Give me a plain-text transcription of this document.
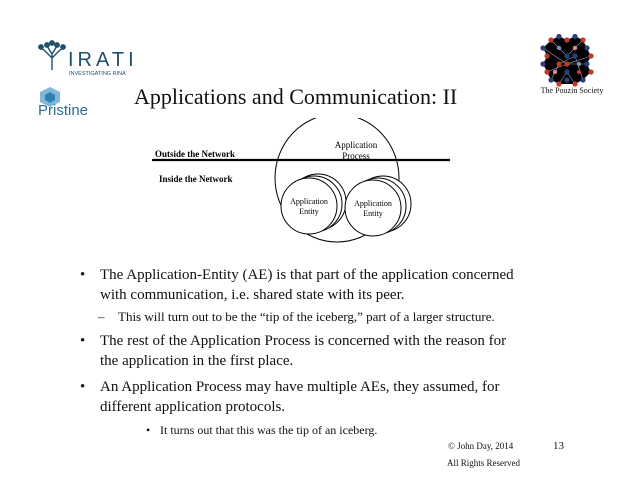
IRATI
INVESTIGATING RINA
Pristine
The Pouzin Society
Applications and Communication: II
Outside the Network
Inside the Network
Application
Process
Application
Entity
Application
Entity
• The Application-Entity (AE) is that part of the application concerned
with communication, i.e. shared state with its peer.
– This will turn out to be the “tip of the iceberg,” part of a larger structure.
• The rest of the Application Process is concerned with the reason for
the application in the first place.
• An Application Process may have multiple AEs, they assumed, for
different application protocols.
• It turns out that this was the tip of an iceberg.
© John Day, 2014
All Rights Reserved
13
